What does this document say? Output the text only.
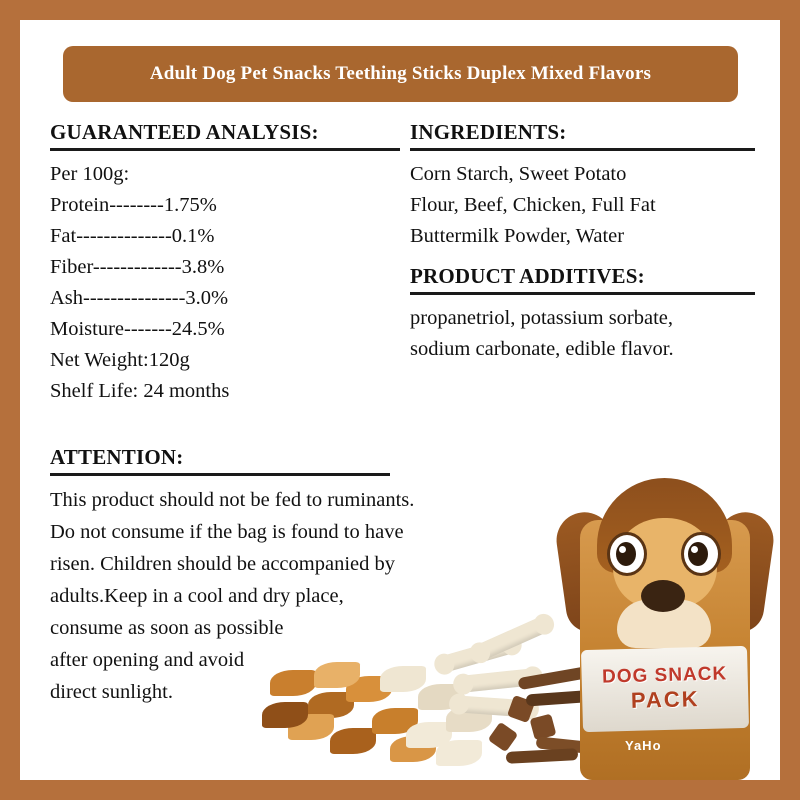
Adult Dog Pet Snacks Teething Sticks Duplex Mixed Flavors
GUARANTEED ANALYSIS:
Per 100g:
Protein--------1.75%
Fat--------------0.1%
Fiber-------------3.8%
Ash---------------3.0%
Moisture-------24.5%
Net Weight:120g
Shelf Life: 24 months
INGREDIENTS:
Corn Starch, Sweet Potato
Flour, Beef, Chicken, Full Fat
Buttermilk Powder, Water
PRODUCT ADDITIVES:
propanetriol, potassium sorbate,
sodium carbonate, edible flavor.
ATTENTION:
This product should not be fed to ruminants.
Do not consume if the bag is found to have
risen. Children should be accompanied by
adults.Keep in a cool and dry place,
consume as soon as possible
after opening and avoid
direct sunlight.
DOG SNACK
PACK
YaHo
